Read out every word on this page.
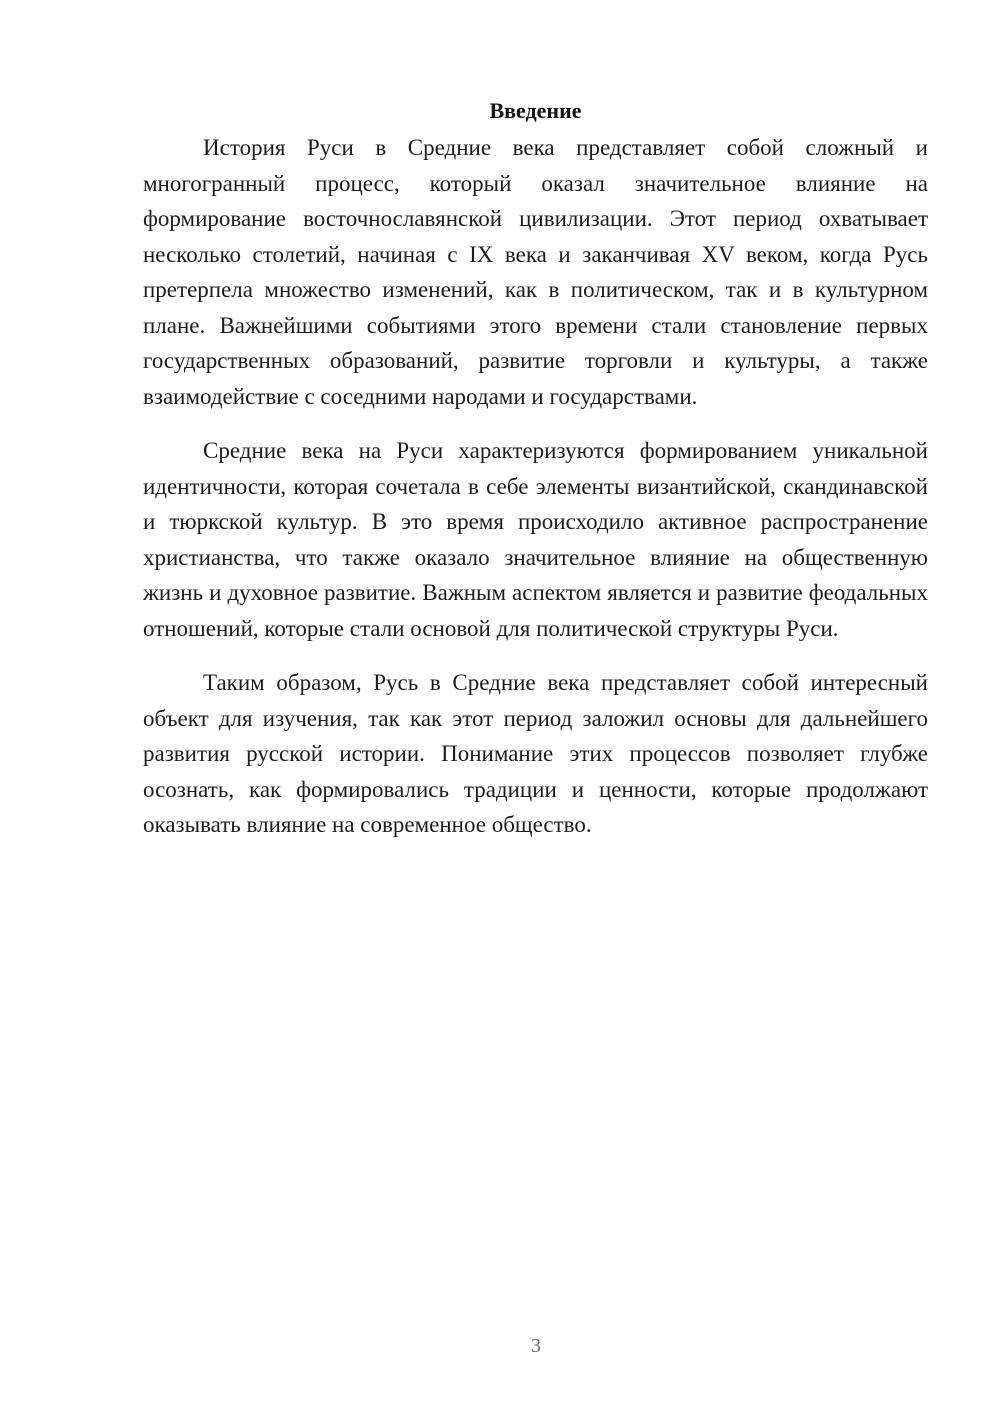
Введение

История Руси в Средние века представляет собой сложный и многогранный процесс, который оказал значительное влияние на формирование восточнославянской цивилизации. Этот период охватывает несколько столетий, начиная с IX века и заканчивая XV веком, когда Русь претерпела множество изменений, как в политическом, так и в культурном плане. Важнейшими событиями этого времени стали становление первых государственных образований, развитие торговли и культуры, а также взаимодействие с соседними народами и государствами.

Средние века на Руси характеризуются формированием уникальной идентичности, которая сочетала в себе элементы византийской, скандинавской и тюркской культур. В это время происходило активное распространение христианства, что также оказало значительное влияние на общественную жизнь и духовное развитие. Важным аспектом является и развитие феодальных отношений, которые стали основой для политической структуры Руси.

Таким образом, Русь в Средние века представляет собой интересный объект для изучения, так как этот период заложил основы для дальнейшего развития русской истории. Понимание этих процессов позволяет глубже осознать, как формировались традиции и ценности, которые продолжают оказывать влияние на современное общество.

3
